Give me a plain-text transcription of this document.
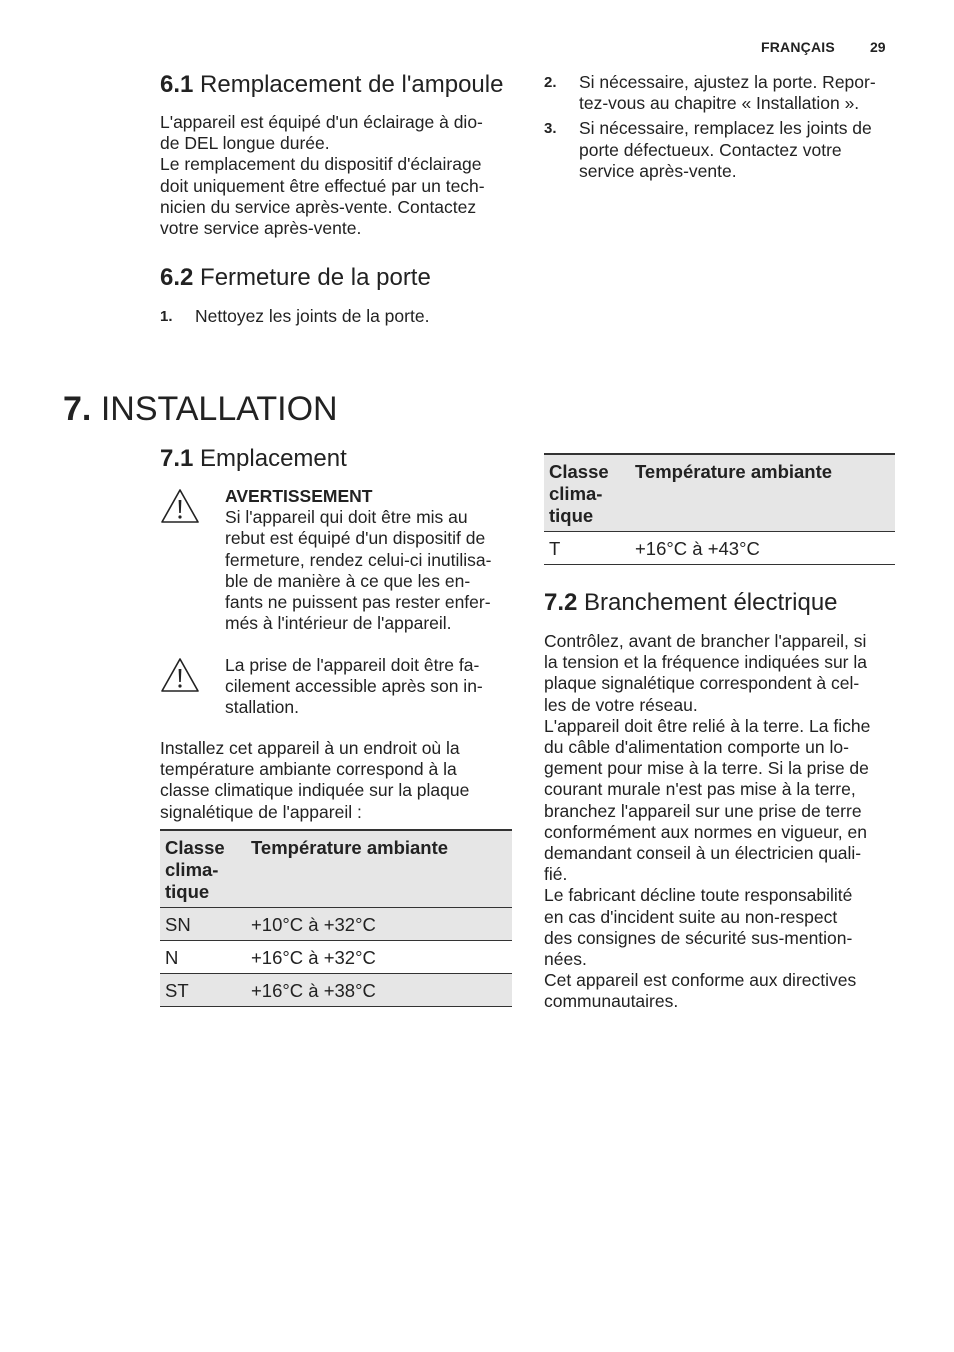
FRANÇAIS	29
6.1 Remplacement de l'ampoule

L'appareil est équipé d'un éclairage à dio-

de DEL longue durée.

Le remplacement du dispositif d'éclairage

doit uniquement être effectué par un tech-

nicien du service après-vente. Contactez

votre service après-vente.

6.2 Fermeture de la porte
1. Nettoyez les joints de la porte.
2. Si nécessaire, ajustez la porte. Repor-
tez-vous au chapitre « Installation ».
3. Si nécessaire, remplacez les joints de
porte défectueux. Contactez votre
service après-vente.
7. INSTALLATION
7.1 Emplacement
AVERTISSEMENT
Si l'appareil qui doit être mis au
rebut est équipé d'un dispositif de
fermeture, rendez celui-ci inutilisa-
ble de manière à ce que les en-
fants ne puissent pas rester enfer-
més à l'intérieur de l'appareil.
La prise de l'appareil doit être fa-
cilement accessible après son in-
stallation.

Installez cet appareil à un endroit où la

température ambiante correspond à la

classe climatique indiquée sur la plaque

signalétique de l'appareil :

Classe clima- tique	Température ambiante
SN	+10°C à +32°C
N	+16°C à +32°C
ST	+16°C à +38°C
Classe clima- tique	Température ambiante
T	+16°C à +43°C
7.2 Branchement électrique

Contrôlez, avant de brancher l'appareil, si

la tension et la fréquence indiquées sur la

plaque signalétique correspondent à cel-

les de votre réseau.

L'appareil doit être relié à la terre. La fiche

du câble d'alimentation comporte un lo-

gement pour mise à la terre. Si la prise de

courant murale n'est pas mise à la terre,

branchez l'appareil sur une prise de terre

conformément aux normes en vigueur, en

demandant conseil à un électricien quali-

fié.

Le fabricant décline toute responsabilité

en cas d'incident suite au non-respect

des consignes de sécurité sus-mention-

nées.

Cet appareil est conforme aux directives

communautaires.
